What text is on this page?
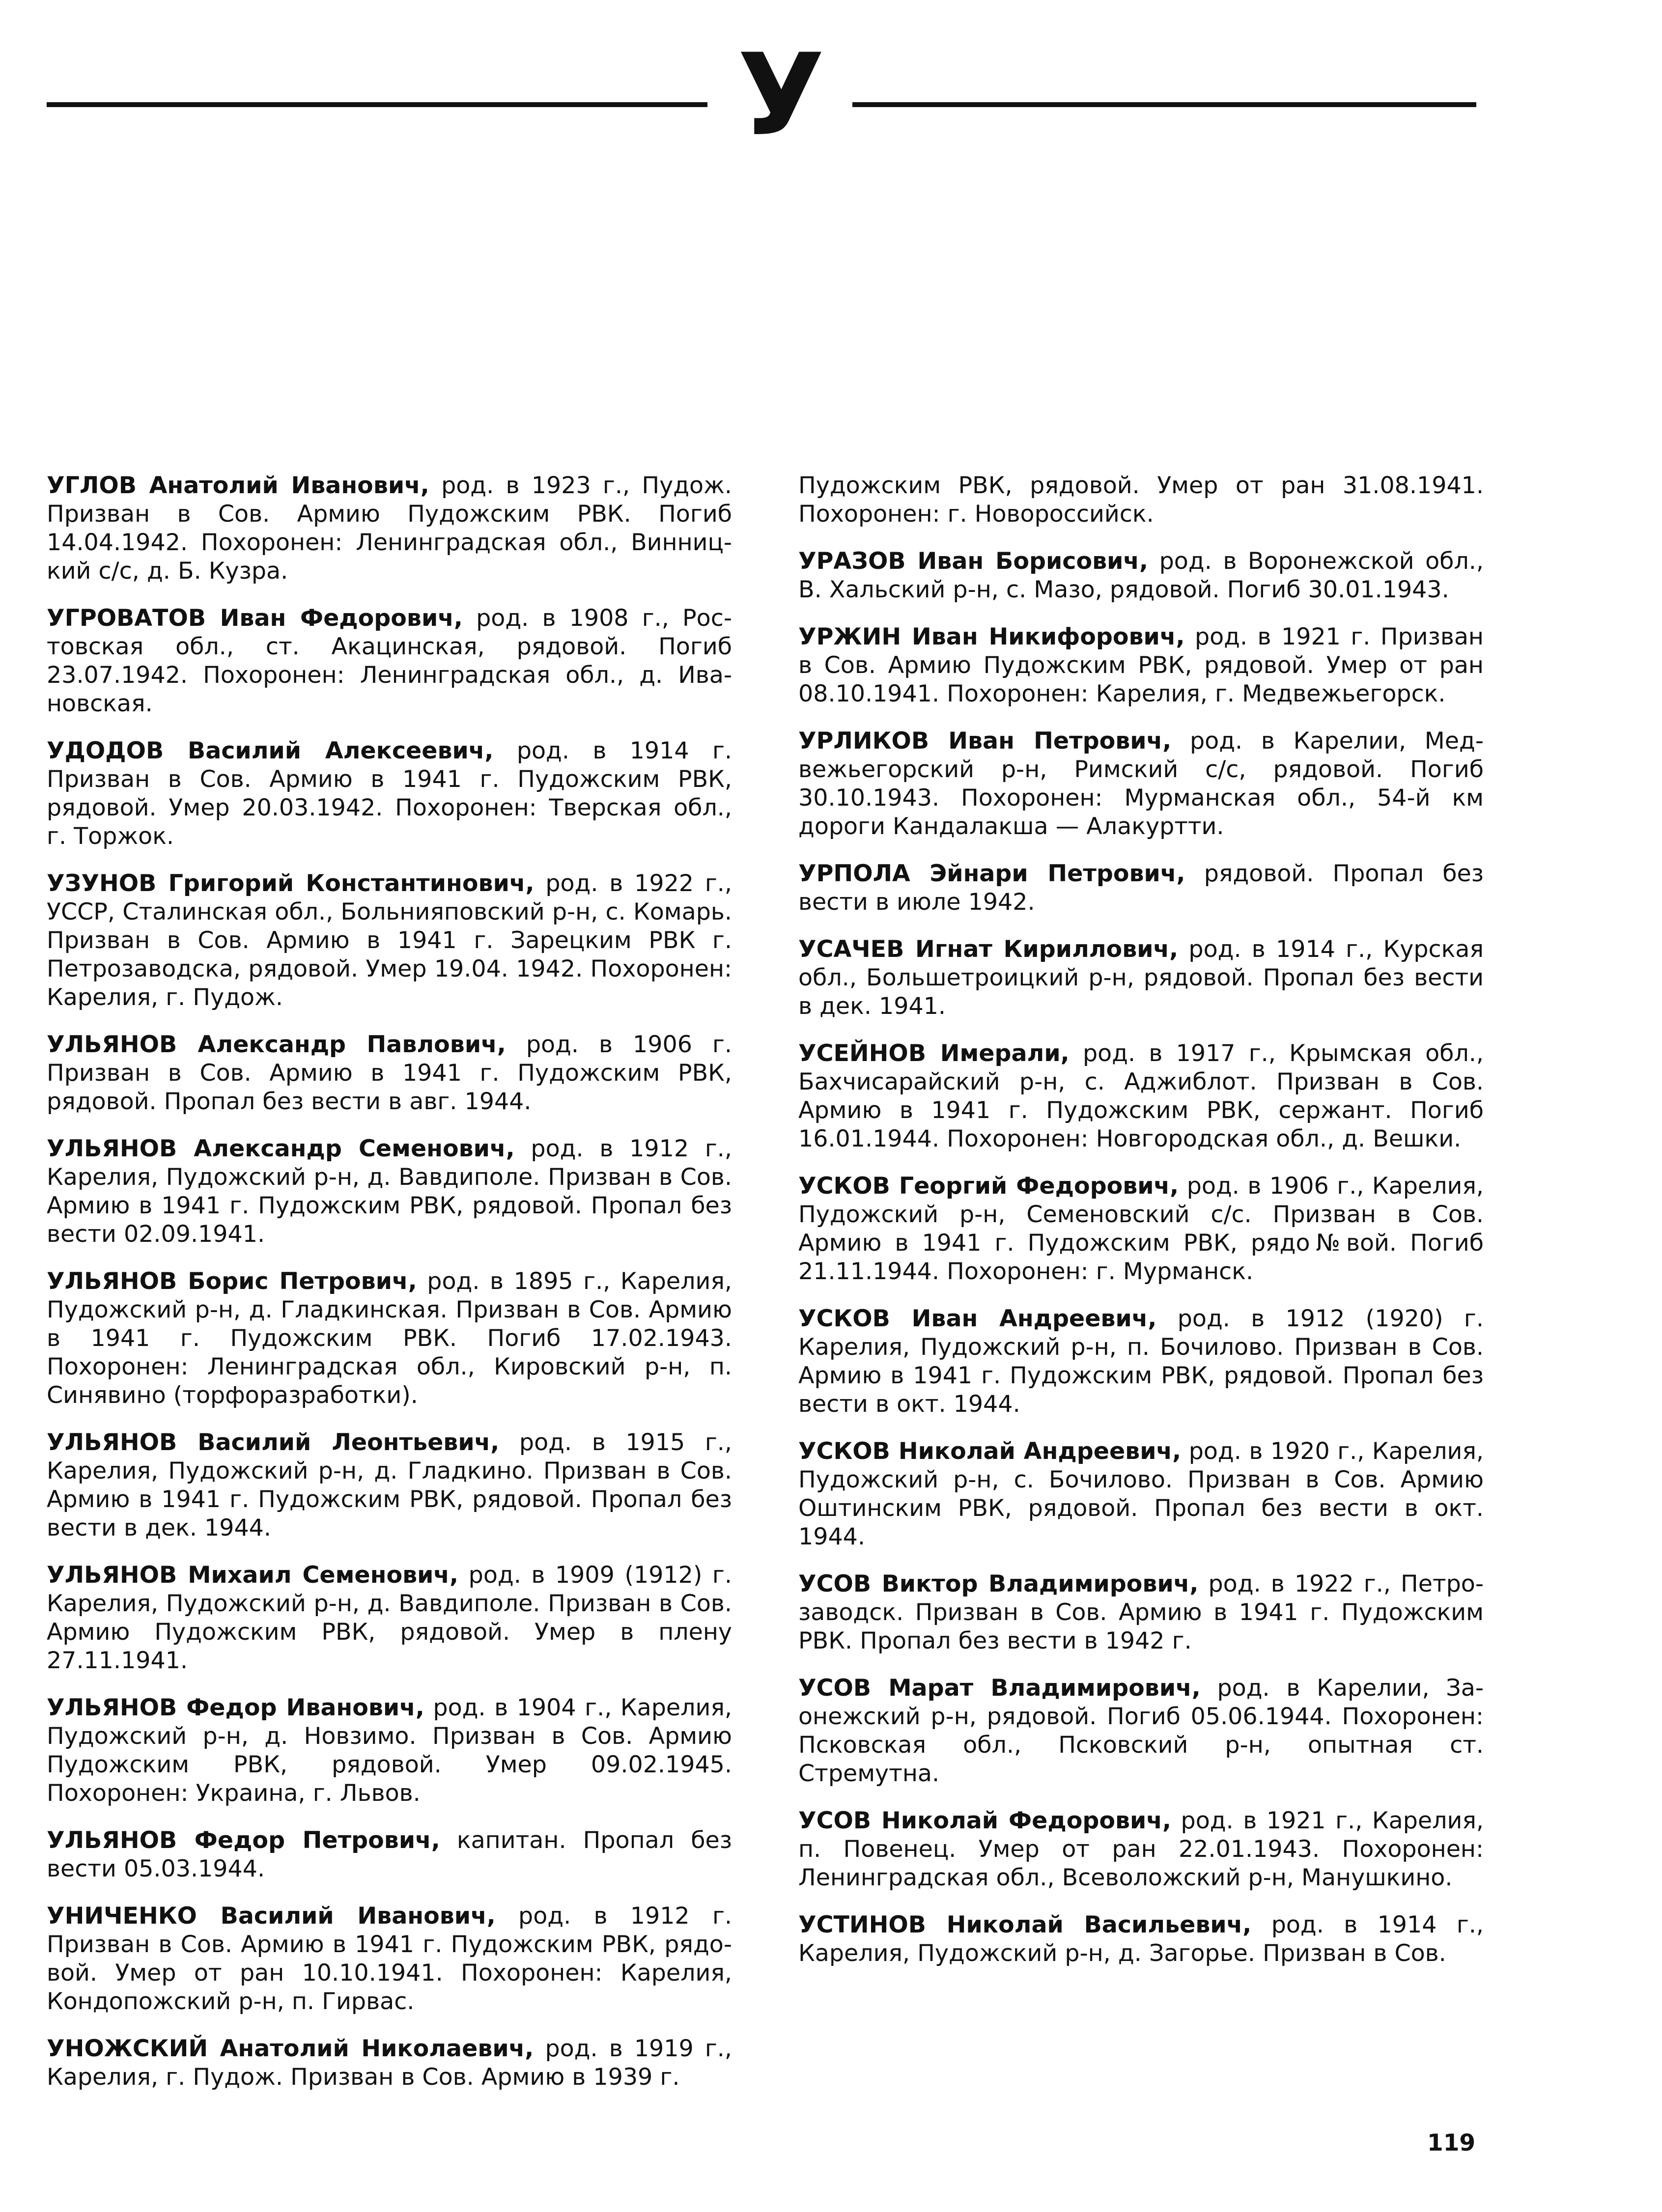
У

УГЛОВ Анатолий Иванович, род. в 1923 г., Пудож. Призван в Сов. Армию Пудожским РВК. Погиб 14.04.1942. Похоронен: Ленинградская обл., Винницкий с/с, д. Б. Кузра.

УГРОВАТОВ Иван Федорович, род. в 1908 г., Ростовская обл., ст. Акацинская, рядовой. Погиб 23.07.1942. Похоронен: Ленинградская обл., д. Ивановская.

УДОДОВ Василий Алексеевич, род. в 1914 г. Призван в Сов. Армию в 1941 г. Пудожским РВК, рядовой. Умер 20.03.1942. Похоронен: Тверская обл., г. Торжок.

УЗУНОВ Григорий Константинович, род. в 1922 г., УССР, Сталинская обл., Больнияповский р-н, с. Комарь. Призван в Сов. Армию в 1941 г. Зарецким РВК г. Петрозаводска, рядовой. Умер 19.04. 1942. Похоронен: Карелия, г. Пудож.

УЛЬЯНОВ Александр Павлович, род. в 1906 г. Призван в Сов. Армию в 1941 г. Пудожским РВК, рядовой. Пропал без вести в авг. 1944.

УЛЬЯНОВ Александр Семенович, род. в 1912 г., Карелия, Пудожский р-н, д. Вавдиполе. Призван в Сов. Армию в 1941 г. Пудожским РВК, рядовой. Пропал без вести 02.09.1941.

УЛЬЯНОВ Борис Петрович, род. в 1895 г., Карелия, Пудожский р-н, д. Гладкинская. Призван в Сов. Армию в 1941 г. Пудожским РВК. Погиб 17.02.1943. Похоронен: Ленинградская обл., Кировский р-н, п. Синявино (торфоразработки).

УЛЬЯНОВ Василий Леонтьевич, род. в 1915 г., Карелия, Пудожский р-н, д. Гладкино. Призван в Сов. Армию в 1941 г. Пудожским РВК, рядовой. Пропал без вести в дек. 1944.

УЛЬЯНОВ Михаил Семенович, род. в 1909 (1912) г. Карелия, Пудожский р-н, д. Вавдиполе. Призван в Сов. Армию Пудожским РВК, рядовой. Умер в плену 27.11.1941.

УЛЬЯНОВ Федор Иванович, род. в 1904 г., Карелия, Пудожский р-н, д. Новзимо. Призван в Сов. Армию Пудожским РВК, рядовой. Умер 09.02.1945. Похоронен: Украина, г. Львов.

УЛЬЯНОВ Федор Петрович, капитан. Пропал без вести 05.03.1944.

УНИЧЕНКО Василий Иванович, род. в 1912 г. Призван в Сов. Армию в 1941 г. Пудожским РВК, рядовой. Умер от ран 10.10.1941. Похоронен: Карелия, Кондопожский р-н, п. Гирвас.

УНОЖСКИЙ Анатолий Николаевич, род. в 1919 г., Карелия, г. Пудож. Призван в Сов. Армию в 1939 г.

Пудожским РВК, рядовой. Умер от ран 31.08.1941. Похоронен: г. Новороссийск.

УРАЗОВ Иван Борисович, род. в Воронежской обл., В. Хальский р-н, с. Мазо, рядовой. Погиб 30.01.1943.

УРЖИН Иван Никифорович, род. в 1921 г. Призван в Сов. Армию Пудожским РВК, рядовой. Умер от ран 08.10.1941. Похоронен: Карелия, г. Медвежьегорск.

УРЛИКОВ Иван Петрович, род. в Карелии, Медвежьегорский р-н, Римский с/с, рядовой. Погиб 30.10.1943. Похоронен: Мурманская обл., 54-й км дороги Кандалакша — Алакуртти.

УРПОЛА Эйнари Петрович, рядовой. Пропал без вести в июле 1942.

УСАЧЕВ Игнат Кириллович, род. в 1914 г., Курская обл., Большетроицкий р-н, рядовой. Пропал без вести в дек. 1941.

УСЕЙНОВ Имерали, род. в 1917 г., Крымская обл., Бахчисарайский р-н, с. Аджиблот. Призван в Сов. Армию в 1941 г. Пудожским РВК, сержант. Погиб 16.01.1944. Похоронен: Новгородская обл., д. Вешки.

УСКОВ Георгий Федорович, род. в 1906 г., Карелия, Пудожский р-н, Семеновский с/с. Призван в Сов. Армию в 1941 г. Пудожским РВК, рядо№вой. Погиб 21.11.1944. Похоронен: г. Мурманск.

УСКОВ Иван Андреевич, род. в 1912 (1920) г. Карелия, Пудожский р-н, п. Бочилово. Призван в Сов. Армию в 1941 г. Пудожским РВК, рядовой. Пропал без вести в окт. 1944.

УСКОВ Николай Андреевич, род. в 1920 г., Карелия, Пудожский р-н, с. Бочилово. Призван в Сов. Армию Оштинским РВК, рядовой. Пропал без вести в окт. 1944.

УСОВ Виктор Владимирович, род. в 1922 г., Петрозаводск. Призван в Сов. Армию в 1941 г. Пудожским РВК. Пропал без вести в 1942 г.

УСОВ Марат Владимирович, род. в Карелии, Заонежский р-н, рядовой. Погиб 05.06.1944. Похоронен: Псковская обл., Псковский р-н, опытная ст. Стремутна.

УСОВ Николай Федорович, род. в 1921 г., Карелия, п. Повенец. Умер от ран 22.01.1943. Похоронен: Ленинградская обл., Всеволожский р-н, Манушкино.

УСТИНОВ Николай Васильевич, род. в 1914 г., Карелия, Пудожский р-н, д. Загорье. Призван в Сов.

119
